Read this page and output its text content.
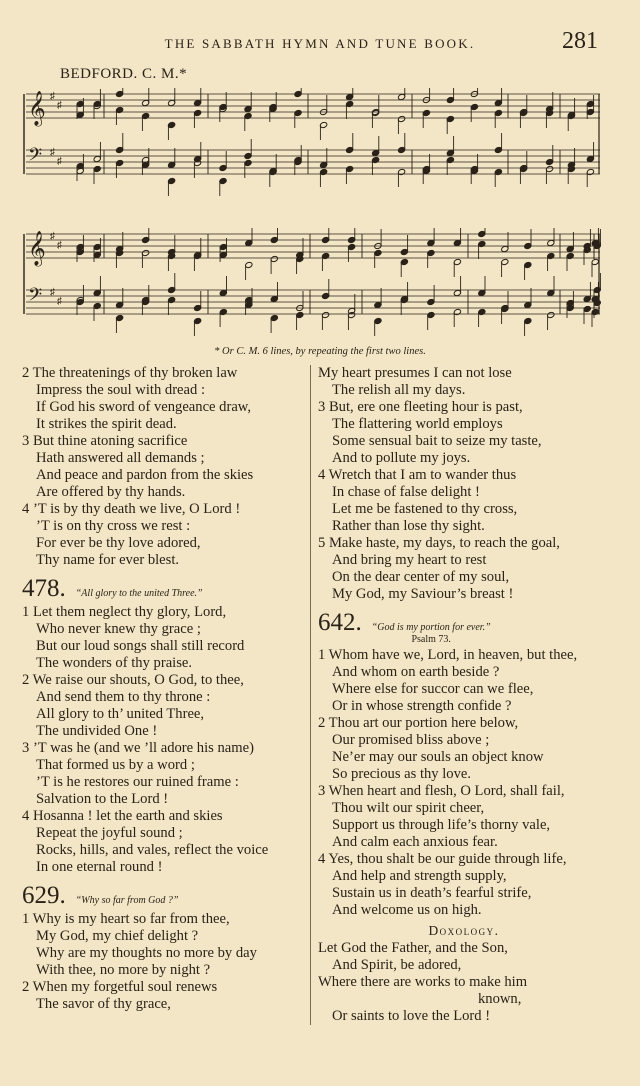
THE SABBATH HYMN AND TUNE BOOK.	281
BEDFORD. C. M.*
𝄞 ♯
♯
𝄢 ♯
♯
𝄞 ♯
♯
𝄢 ♯
♯
* Or C. M. 6 lines, by repeating the first two lines.
2 The threatenings of thy broken law
Impress the soul with dread :
If God his sword of vengeance draw,
It strikes the spirit dead.
3 But thine atoning sacrifice
Hath answered all demands ;
And peace and pardon from the skies
Are offered by thy hands.
4 ’T is by thy death we live, O Lord !
’T is on thy cross we rest :
For ever be thy love adored,
Thy name for ever blest.
478. “All glory to the united Three.”
1 Let them neglect thy glory, Lord,
Who never knew thy grace ;
But our loud songs shall still record
The wonders of thy praise.
2 We raise our shouts, O God, to thee,
And send them to thy throne :
All glory to th’ united Three,
The undivided One !
3 ’T was he (and we ’ll adore his name)
That formed us by a word ;
’T is he restores our ruined frame :
Salvation to the Lord !
4 Hosanna ! let the earth and skies
Repeat the joyful sound ;
Rocks, hills, and vales, reflect the voice
In one eternal round !
629. “Why so far from God ?”
1 Why is my heart so far from thee,
My God, my chief delight ?
Why are my thoughts no more by day
With thee, no more by night ?
2 When my forgetful soul renews
The savor of thy grace,
My heart presumes I can not lose
The relish all my days.
3 But, ere one fleeting hour is past,
The flattering world employs
Some sensual bait to seize my taste,
And to pollute my joys.
4 Wretch that I am to wander thus
In chase of false delight !
Let me be fastened to thy cross,
Rather than lose thy sight.
5 Make haste, my days, to reach the goal,
And bring my heart to rest
On the dear center of my soul,
My God, my Saviour’s breast !
642. “God is my portion for ever.”
Psalm 73.
1 Whom have we, Lord, in heaven, but thee,
And whom on earth beside ?
Where else for succor can we flee,
Or in whose strength confide ?
2 Thou art our portion here below,
Our promised bliss above ;
Ne’er may our souls an object know
So precious as thy love.
3 When heart and flesh, O Lord, shall fail,
Thou wilt our spirit cheer,
Support us through life’s thorny vale,
And calm each anxious fear.
4 Yes, thou shalt be our guide through life,
And help and strength supply,
Sustain us in death’s fearful strife,
And welcome us on high.
Doxology.
Let God the Father, and the Son,
And Spirit, be adored,
Where there are works to make him
known,
Or saints to love the Lord !
